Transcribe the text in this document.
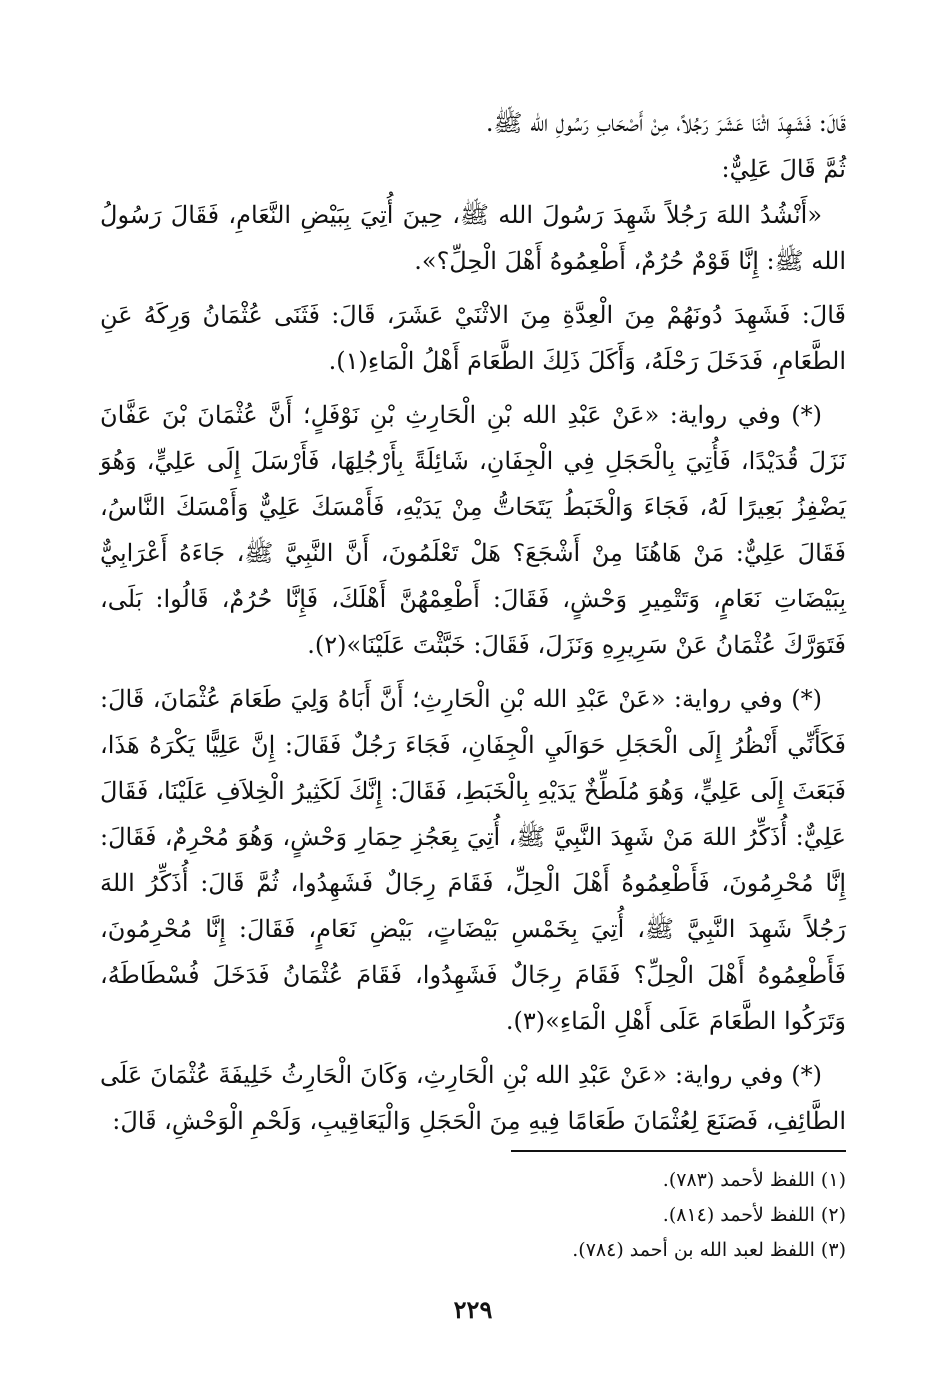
قَالَ: فَشَهِدَ اثْنَا عَشَرَ رَجُلاً، مِنْ أَصْحَابِ رَسُولِ الله ﷺ.

ثُمَّ قَالَ عَلِيٌّ:

«أَنْشُدُ اللهَ رَجُلاً شَهِدَ رَسُولَ الله ﷺ، حِينَ أُتِيَ بِبَيْضِ النَّعَامِ، فَقَالَ رَسُولُ الله ﷺ: إِنَّا قَوْمٌ حُرُمٌ، أَطْعِمُوهُ أَهْلَ الْحِلِّ؟».

قَالَ: فَشَهِدَ دُونَهُمْ مِنَ الْعِدَّةِ مِنَ الاثْنَيْ عَشَرَ، قَالَ: فَثَنَى عُثْمَانُ وَرِكَهُ عَنِ الطَّعَامِ، فَدَخَلَ رَحْلَهُ، وَأَكَلَ ذَلِكَ الطَّعَامَ أَهْلُ الْمَاءِ(١).

(*) وفي رواية: «عَنْ عَبْدِ الله بْنِ الْحَارِثِ بْنِ نَوْفَلٍ؛ أَنَّ عُثْمَانَ بْنَ عَفَّانَ نَزَلَ قُدَيْدًا، فَأُتِيَ بِالْحَجَلِ فِي الْجِفَانِ، شَائِلَةً بِأَرْجُلِهَا، فَأَرْسَلَ إِلَى عَلِيٍّ، وَهُوَ يَضْفِزُ بَعِيرًا لَهُ، فَجَاءَ وَالْخَبَطُ يَتَحَاتُّ مِنْ يَدَيْهِ، فَأَمْسَكَ عَلِيٌّ وَأَمْسَكَ النَّاسُ، فَقَالَ عَلِيٌّ: مَنْ هَاهُنَا مِنْ أَشْجَعَ؟ هَلْ تَعْلَمُونَ، أَنَّ النَّبِيَّ ﷺ، جَاءَهُ أَعْرَابِيٌّ بِبَيْضَاتِ نَعَامٍ، وَتَتْمِيرِ وَحْشٍ، فَقَالَ: أَطْعِمْهُنَّ أَهْلَكَ، فَإِنَّا حُرُمٌ، قَالُوا: بَلَى، فَتَوَرَّكَ عُثْمَانُ عَنْ سَرِيرِهِ وَنَزَلَ، فَقَالَ: خَبَّثْتَ عَلَيْنَا»(٢).

(*) وفي رواية: «عَنْ عَبْدِ الله بْنِ الْحَارِثِ؛ أَنَّ أَبَاهُ وَلِيَ طَعَامَ عُثْمَانَ، قَالَ: فَكَأَنِّي أَنْظُرُ إِلَى الْحَجَلِ حَوَالَيِ الْجِفَانِ، فَجَاءَ رَجُلٌ فَقَالَ: إِنَّ عَلِيًّا يَكْرَهُ هَذَا، فَبَعَثَ إِلَى عَلِيٍّ، وَهُوَ مُلَطِّخٌ يَدَيْهِ بِالْخَبَطِ، فَقَالَ: إِنَّكَ لَكَثِيرُ الْخِلاَفِ عَلَيْنَا، فَقَالَ عَلِيٌّ: أُذَكِّرُ اللهَ مَنْ شَهِدَ النَّبِيَّ ﷺ، أُتِيَ بِعَجُزِ حِمَارِ وَحْشٍ، وَهُوَ مُحْرِمٌ، فَقَالَ: إِنَّا مُحْرِمُونَ، فَأَطْعِمُوهُ أَهْلَ الْحِلِّ، فَقَامَ رِجَالٌ فَشَهِدُوا، ثُمَّ قَالَ: أُذَكِّرُ اللهَ رَجُلاً شَهِدَ النَّبِيَّ ﷺ، أُتِيَ بِخَمْسِ بَيْضَاتٍ، بَيْضِ نَعَامٍ، فَقَالَ: إِنَّا مُحْرِمُونَ، فَأَطْعِمُوهُ أَهْلَ الْحِلِّ؟ فَقَامَ رِجَالٌ فَشَهِدُوا، فَقَامَ عُثْمَانُ فَدَخَلَ فُسْطَاطَهُ، وَتَرَكُوا الطَّعَامَ عَلَى أَهْلِ الْمَاءِ»(٣).

(*) وفي رواية: «عَنْ عَبْدِ الله بْنِ الْحَارِثِ، وَكَانَ الْحَارِثُ خَلِيفَةَ عُثْمَانَ عَلَى الطَّائِفِ، فَصَنَعَ لِعُثْمَانَ طَعَامًا فِيهِ مِنَ الْحَجَلِ وَالْيَعَاقِيبِ، وَلَحْمِ الْوَحْشِ، قَالَ:

(١) اللفظ لأحمد (٧٨٣).

(٢) اللفظ لأحمد (٨١٤).

(٣) اللفظ لعبد الله بن أحمد (٧٨٤).

٢٢٩
